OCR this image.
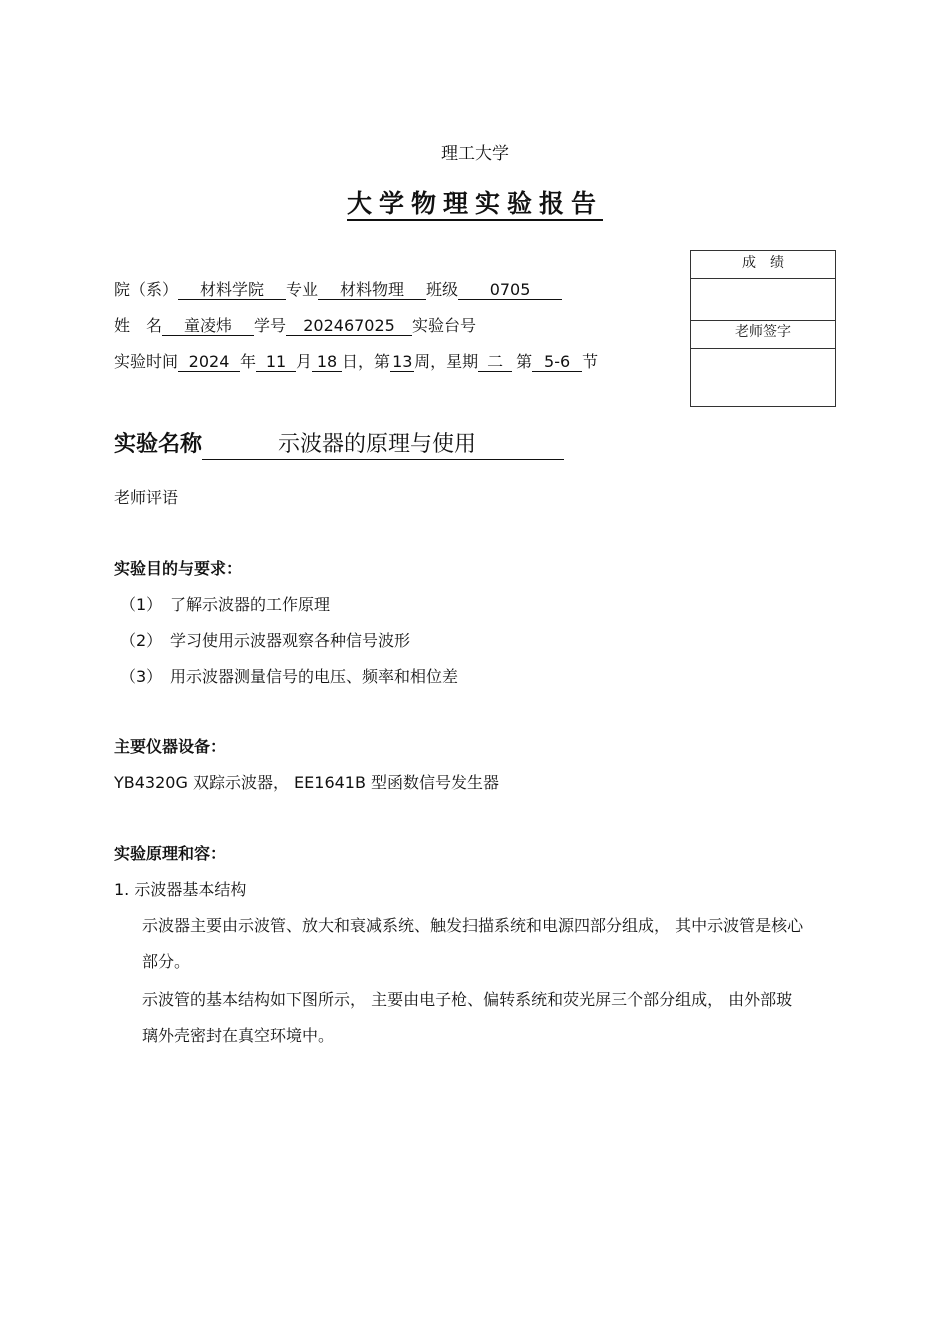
理工大学
大学物理实验报告
院（系） 材料学院 专业 材料物理 班级 0705
姓　名 童凌炜 学号 202467025 实验台号
实验时间 2024 年 11 月 18 日，第 13 周，星期 二 第 5-6 节
成　绩
老师签字
实验名称	示波器的原理与使用
老师评语
实验目的与要求：
（1） 了解示波器的工作原理
（2） 学习使用示波器观察各种信号波形
（3） 用示波器测量信号的电压、频率和相位差
主要仪器设备：
YB4320G 双踪示波器， EE1641B 型函数信号发生器
实验原理和容：
1. 示波器基本结构
示波器主要由示波管、放大和衰减系统、触发扫描系统和电源四部分组成， 其中示波管是核心
部分。
示波管的基本结构如下图所示， 主要由电子枪、偏转系统和荧光屏三个部分组成， 由外部玻
璃外壳密封在真空环境中。
